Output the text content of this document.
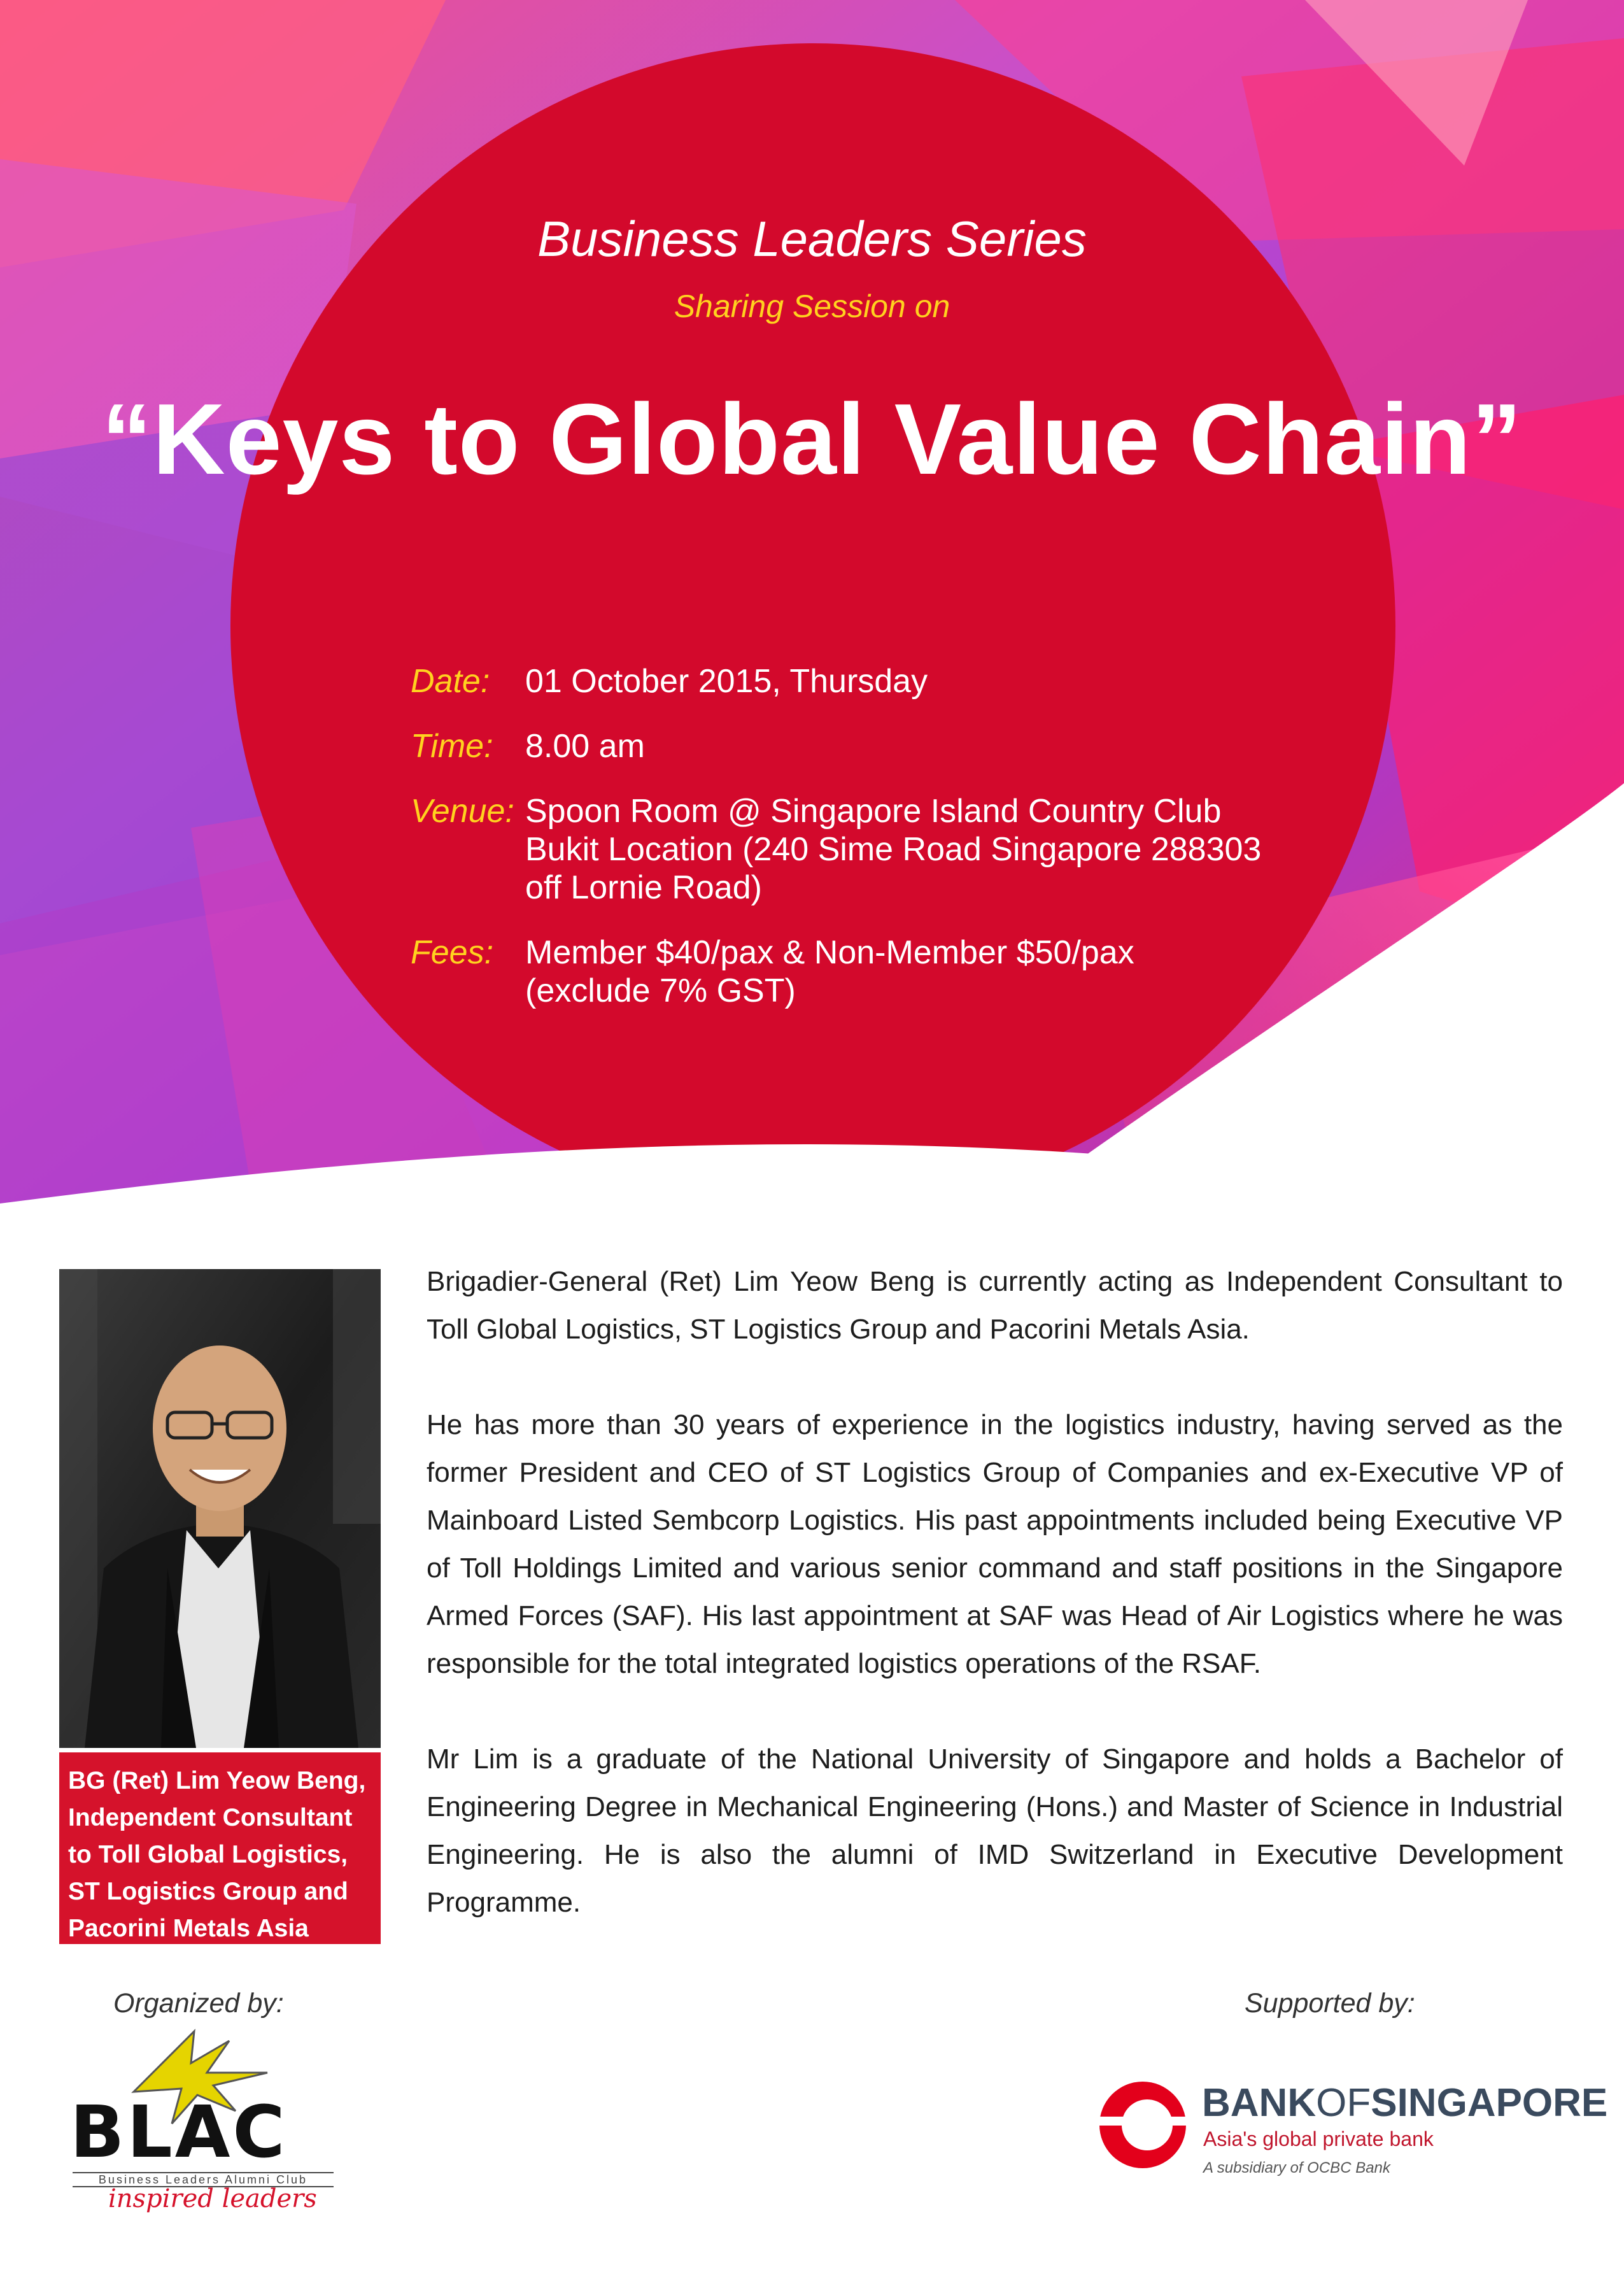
Business Leaders Series
Sharing Session on
“Keys to Global Value Chain”
Date:	01 October 2015, Thursday
Time: 8.00 am
Venue: Spoon Room @ Singapore Island Country Club
Bukit Location (240 Sime Road Singapore 288303
off Lornie Road)
Fees: Member $40/pax & Non-Member $50/pax
(exclude 7% GST)
BG (Ret) Lim Yeow Beng,
Independent Consultant
to Toll Global Logistics,
ST Logistics Group and
Pacorini Metals Asia

Brigadier-General (Ret) Lim Yeow Beng is currently acting as Independent Consultant to Toll Global Logistics, ST Logistics Group and Pacorini Metals Asia.

He has more than 30 years of experience in the logistics industry, having served as the former President and CEO of ST Logistics Group of Companies and ex-Executive VP of Mainboard Listed Sembcorp Logistics. His past appointments included being Executive VP of Toll Holdings Limited and various senior command and staff positions in the Singapore Armed Forces (SAF). His last appointment at SAF was Head of Air Logistics where he was responsible for the total integrated logistics operations of the RSAF.

Mr Lim is a graduate of the National University of Singapore and holds a Bachelor of Engineering Degree in Mechanical Engineering (Hons.) and Master of Science in Industrial Engineering. He is also the alumni of IMD Switzerland in Executive Development Programme.

Organized by:	Supported by:
BLAC
Business Leaders Alumni Club
inspired leaders
BANKOFSINGAPORE
Asia's global private bank
A subsidiary of OCBC Bank
